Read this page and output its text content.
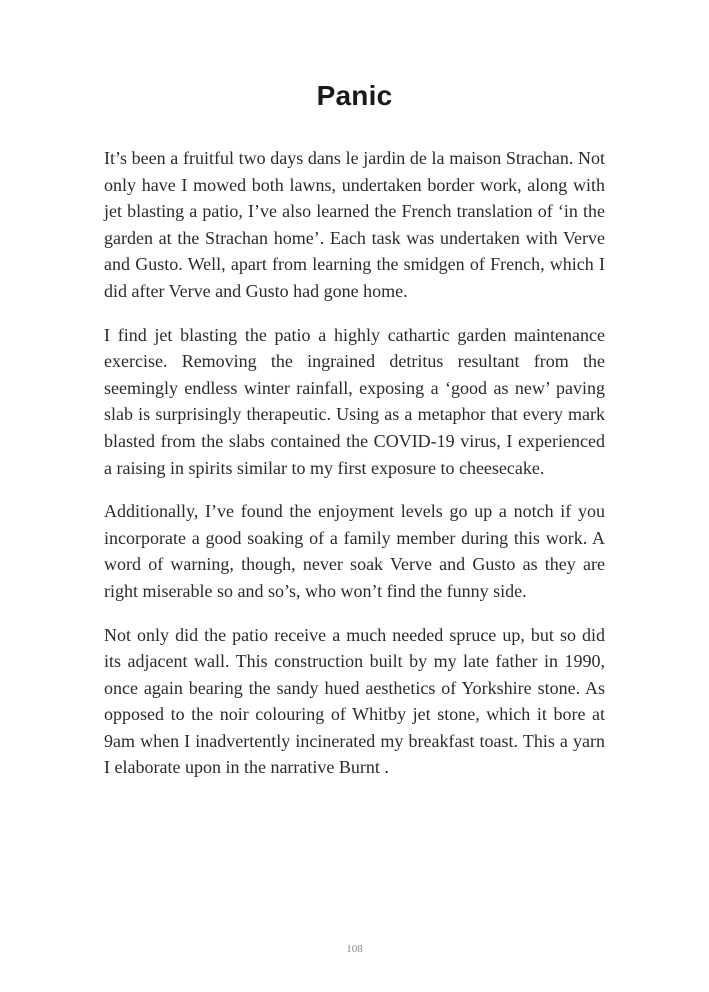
Panic

It’s been a fruitful two days dans le jardin de la maison Strachan. Not only have I mowed both lawns, undertaken border work, along with jet blasting a patio, I’ve also learned the French translation of ‘in the garden at the Strachan home’. Each task was undertaken with Verve and Gusto. Well, apart from learning the smidgen of French, which I did after Verve and Gusto had gone home.

I find jet blasting the patio a highly cathartic garden maintenance exercise. Removing the ingrained detritus resultant from the seemingly endless winter rainfall, exposing a ‘good as new’ paving slab is surprisingly therapeutic. Using as a metaphor that every mark blasted from the slabs contained the COVID-19 virus, I experienced a raising in spirits similar to my first exposure to cheesecake.

Additionally, I’ve found the enjoyment levels go up a notch if you incorporate a good soaking of a family member during this work. A word of warning, though, never soak Verve and Gusto as they are right miserable so and so’s, who won’t find the funny side.

Not only did the patio receive a much needed spruce up, but so did its adjacent wall. This construction built by my late father in 1990, once again bearing the sandy hued aesthetics of Yorkshire stone. As opposed to the noir colouring of Whitby jet stone, which it bore at 9am when I inadvertently incinerated my breakfast toast. This a yarn I elaborate upon in the narrative Burnt .

108
